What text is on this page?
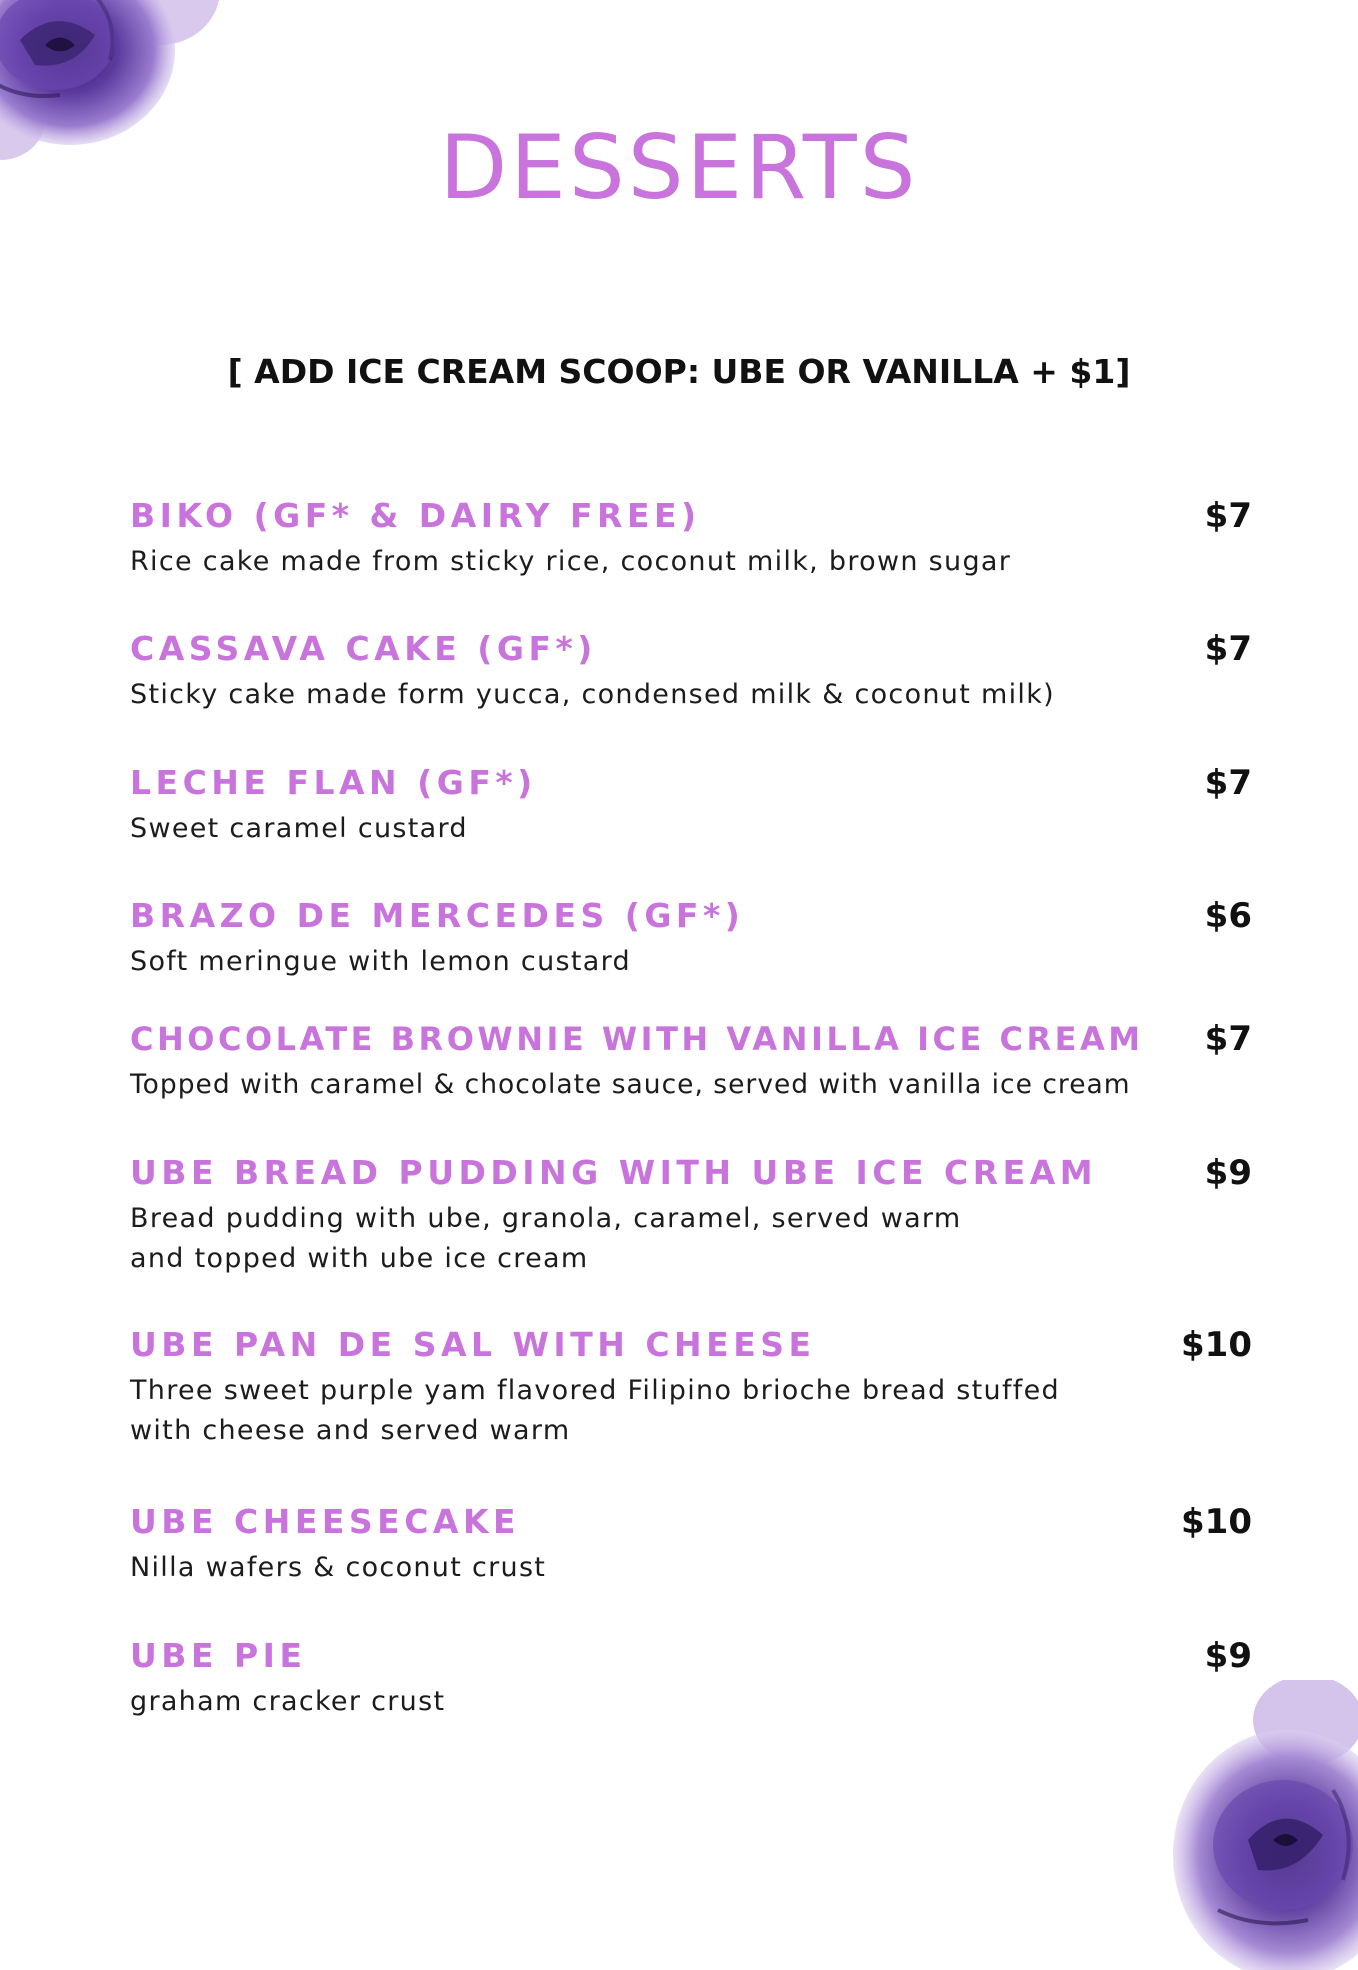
DESSERTS
[ ADD ICE CREAM SCOOP: UBE OR VANILLA + $1]
BIKO (GF* & DAIRY FREE)	$7
Rice cake made from sticky rice, coconut milk, brown sugar
CASSAVA CAKE (GF*)	$7
Sticky cake made form yucca, condensed milk & coconut milk)
LECHE FLAN (GF*)	$7
Sweet caramel custard
BRAZO DE MERCEDES (GF*)	$6
Soft meringue with lemon custard
CHOCOLATE BROWNIE WITH VANILLA ICE CREAM	$7
Topped with caramel & chocolate sauce, served with vanilla ice cream
UBE BREAD PUDDING WITH UBE ICE CREAM	$9
Bread pudding with ube, granola, caramel, served warm and topped with ube ice cream
UBE PAN DE SAL WITH CHEESE	$10
Three sweet purple yam flavored Filipino brioche bread stuffed with cheese and served warm
UBE CHEESECAKE	$10
Nilla wafers & coconut crust
UBE PIE	$9
graham cracker crust
